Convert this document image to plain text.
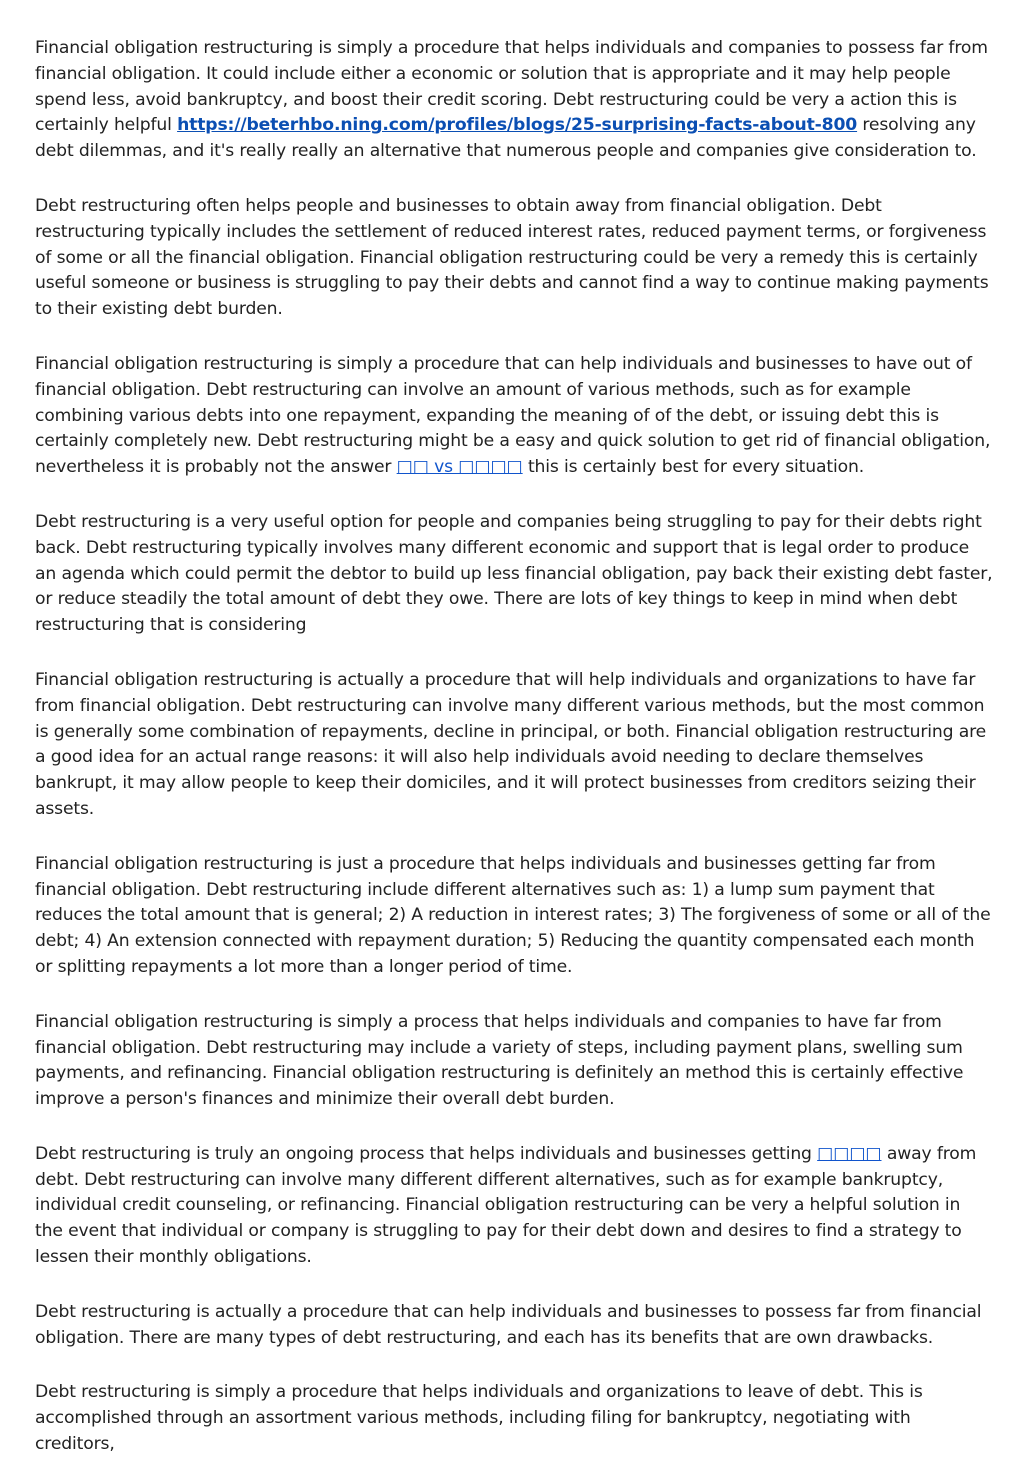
Financial obligation restructuring is simply a procedure that helps individuals and companies to possess far from financial obligation. It could include either a economic or solution that is appropriate and it may help people spend less, avoid bankruptcy, and boost their credit scoring. Debt restructuring could be very a action this is certainly helpful https://beterhbo.ning.com/profiles/blogs/25-surprising-facts-about-800 resolving any debt dilemmas, and it's really really an alternative that numerous people and companies give consideration to.

Debt restructuring often helps people and businesses to obtain away from financial obligation. Debt restructuring typically includes the settlement of reduced interest rates, reduced payment terms, or forgiveness of some or all the financial obligation. Financial obligation restructuring could be very a remedy this is certainly useful someone or business is struggling to pay their debts and cannot find a way to continue making payments to their existing debt burden.

Financial obligation restructuring is simply a procedure that can help individuals and businesses to have out of financial obligation. Debt restructuring can involve an amount of various methods, such as for example combining various debts into one repayment, expanding the meaning of of the debt, or issuing debt this is certainly completely new. Debt restructuring might be a easy and quick solution to get rid of financial obligation, nevertheless it is probably not the answer □□ vs □□□□ this is certainly best for every situation.

Debt restructuring is a very useful option for people and companies being struggling to pay for their debts right back. Debt restructuring typically involves many different economic and support that is legal order to produce an agenda which could permit the debtor to build up less financial obligation, pay back their existing debt faster, or reduce steadily the total amount of debt they owe. There are lots of key things to keep in mind when debt restructuring that is considering

Financial obligation restructuring is actually a procedure that will help individuals and organizations to have far from financial obligation. Debt restructuring can involve many different various methods, but the most common is generally some combination of repayments, decline in principal, or both. Financial obligation restructuring are a good idea for an actual range reasons: it will also help individuals avoid needing to declare themselves bankrupt, it may allow people to keep their domiciles, and it will protect businesses from creditors seizing their assets.

Financial obligation restructuring is just a procedure that helps individuals and businesses getting far from financial obligation. Debt restructuring include different alternatives such as: 1) a lump sum payment that reduces the total amount that is general; 2) A reduction in interest rates; 3) The forgiveness of some or all of the debt; 4) An extension connected with repayment duration; 5) Reducing the quantity compensated each month or splitting repayments a lot more than a longer period of time.

Financial obligation restructuring is simply a process that helps individuals and companies to have far from financial obligation. Debt restructuring may include a variety of steps, including payment plans, swelling sum payments, and refinancing. Financial obligation restructuring is definitely an method this is certainly effective improve a person's finances and minimize their overall debt burden.

Debt restructuring is truly an ongoing process that helps individuals and businesses getting □□□□ away from debt. Debt restructuring can involve many different different alternatives, such as for example bankruptcy, individual credit counseling, or refinancing. Financial obligation restructuring can be very a helpful solution in the event that individual or company is struggling to pay for their debt down and desires to find a strategy to lessen their monthly obligations.

Debt restructuring is actually a procedure that can help individuals and businesses to possess far from financial obligation. There are many types of debt restructuring, and each has its benefits that are own drawbacks.

Debt restructuring is simply a procedure that helps individuals and organizations to leave of debt. This is accomplished through an assortment various methods, including filing for bankruptcy, negotiating with creditors,
